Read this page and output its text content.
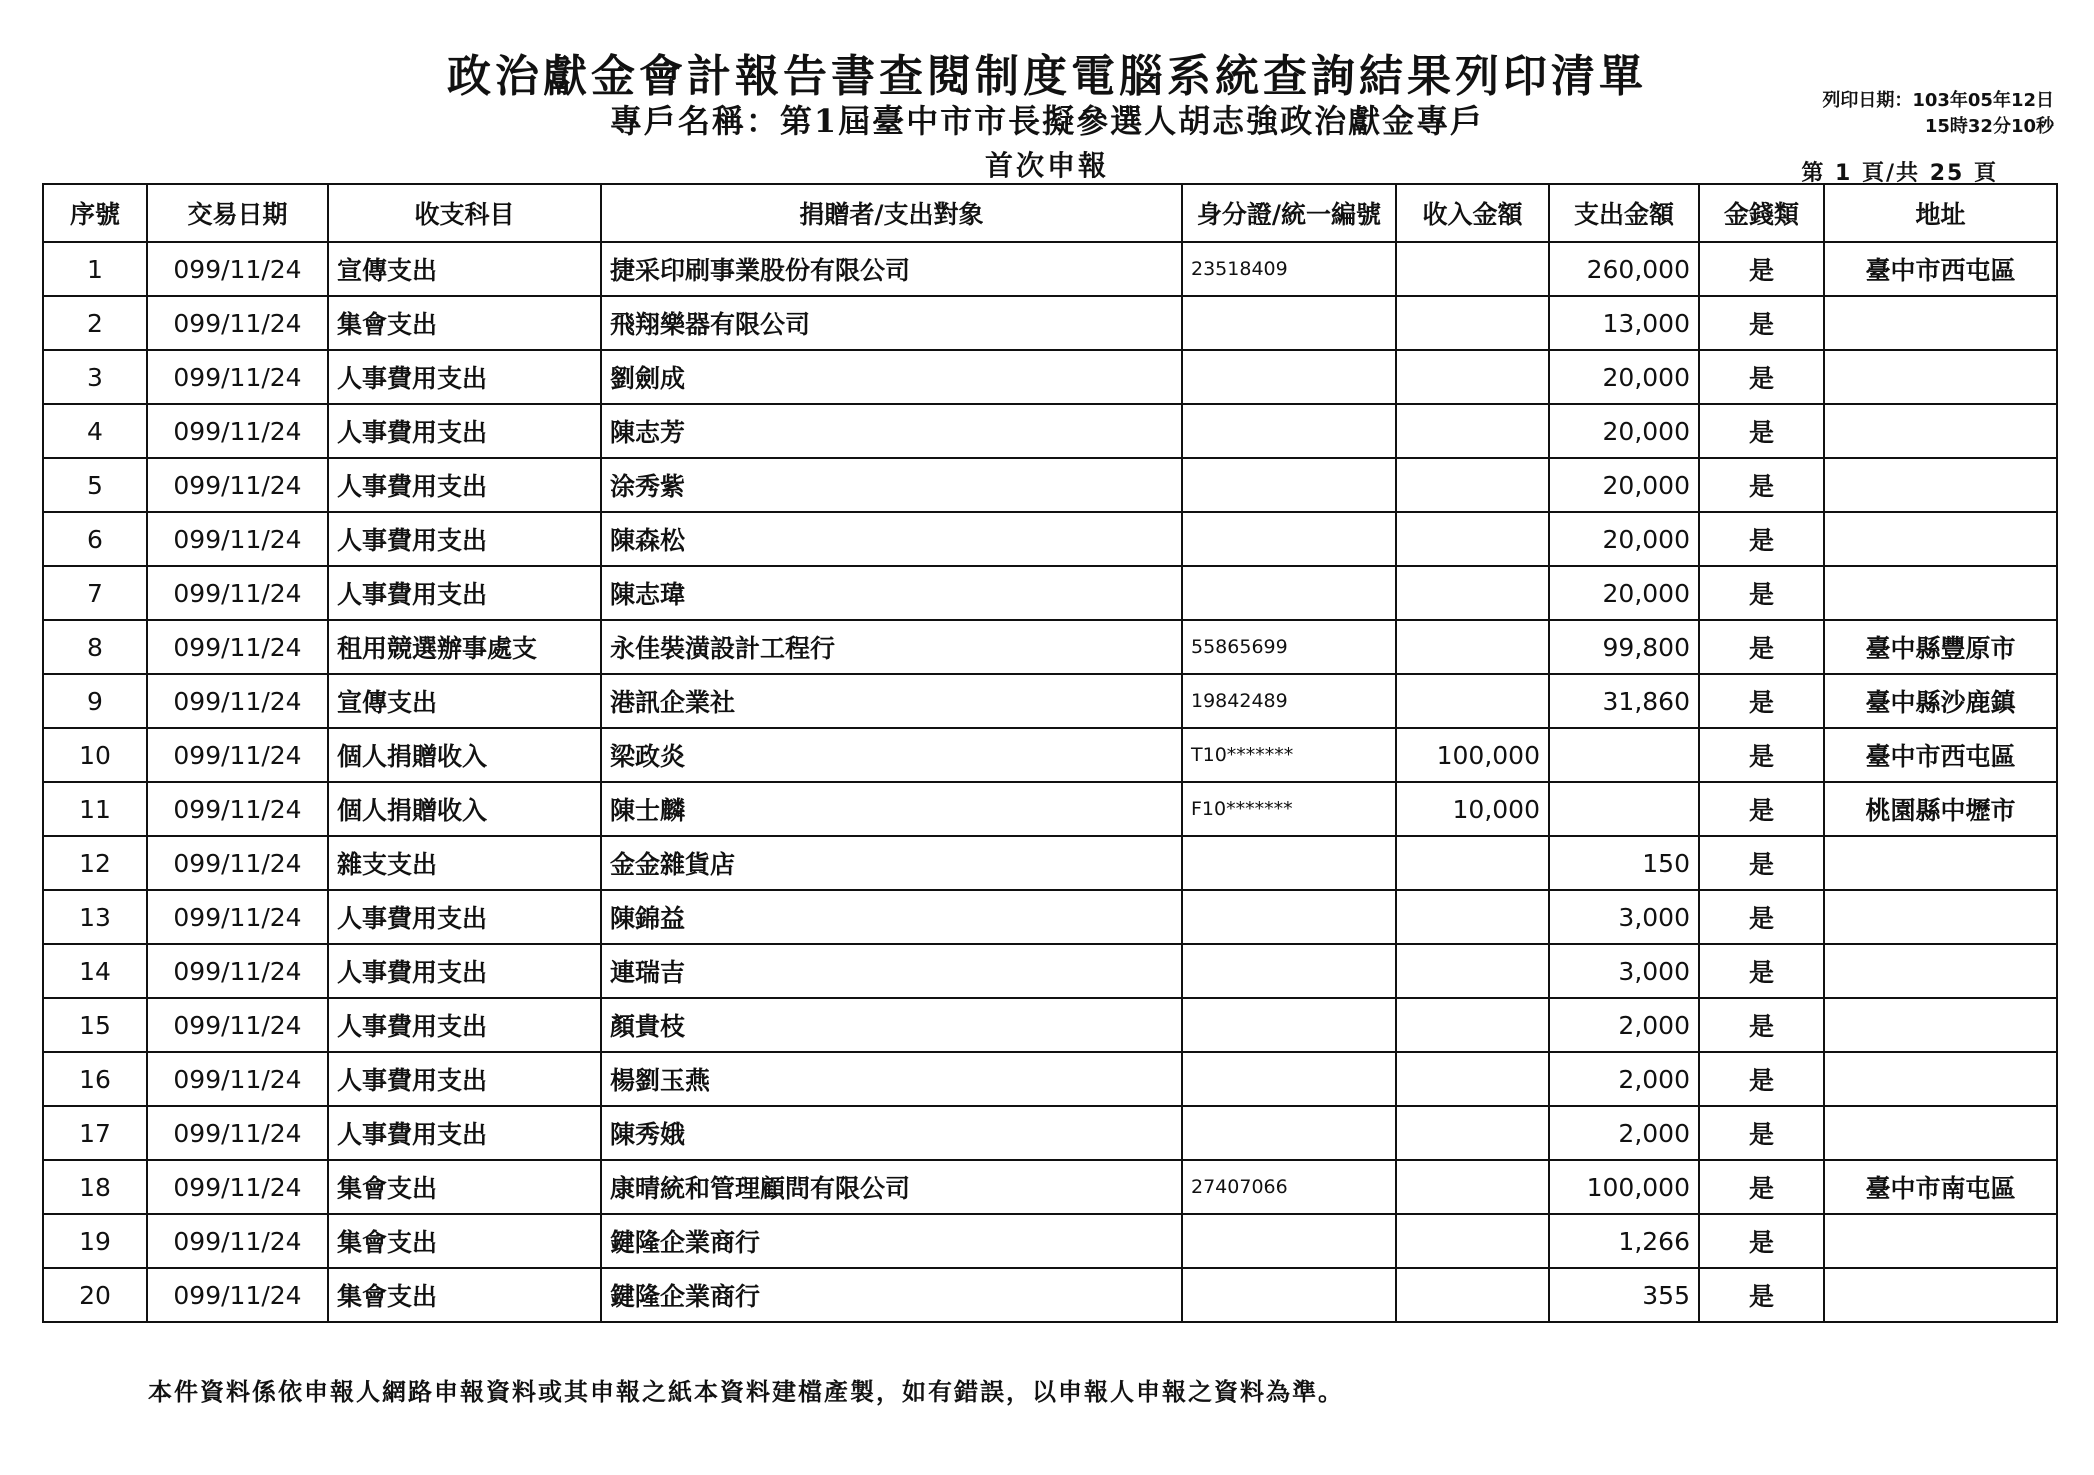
政治獻金會計報告書查閱制度電腦系統查詢結果列印清單
專戶名稱：第1屆臺中市市長擬參選人胡志強政治獻金專戶
首次申報
列印日期：103年05年12日
15時32分10秒
第 1 頁/共 25 頁
序號	交易日期	收支科目	捐贈者/支出對象	身分證/統一編號	收入金額	支出金額	金錢類	地址
1	099/11/24	宣傳支出	捷采印刷事業股份有限公司	23518409		260,000	是	臺中市西屯區
2	099/11/24	集會支出	飛翔樂器有限公司			13,000	是	
3	099/11/24	人事費用支出	劉劍成			20,000	是	
4	099/11/24	人事費用支出	陳志芳			20,000	是	
5	099/11/24	人事費用支出	涂秀紫			20,000	是	
6	099/11/24	人事費用支出	陳森松			20,000	是	
7	099/11/24	人事費用支出	陳志瑋			20,000	是	
8	099/11/24	租用競選辦事處支	永佳裝潢設計工程行	55865699		99,800	是	臺中縣豐原市
9	099/11/24	宣傳支出	港訊企業社	19842489		31,860	是	臺中縣沙鹿鎮
10	099/11/24	個人捐贈收入	梁政炎	T10*******	100,000		是	臺中市西屯區
11	099/11/24	個人捐贈收入	陳士麟	F10*******	10,000		是	桃園縣中壢市
12	099/11/24	雜支支出	金金雜貨店			150	是	
13	099/11/24	人事費用支出	陳錦益			3,000	是	
14	099/11/24	人事費用支出	連瑞吉			3,000	是	
15	099/11/24	人事費用支出	顏貴枝			2,000	是	
16	099/11/24	人事費用支出	楊劉玉燕			2,000	是	
17	099/11/24	人事費用支出	陳秀娥			2,000	是	
18	099/11/24	集會支出	康晴統和管理顧問有限公司	27407066		100,000	是	臺中市南屯區
19	099/11/24	集會支出	鍵隆企業商行			1,266	是	
20	099/11/24	集會支出	鍵隆企業商行			355	是	
本件資料係依申報人網路申報資料或其申報之紙本資料建檔產製，如有錯誤，以申報人申報之資料為準。
